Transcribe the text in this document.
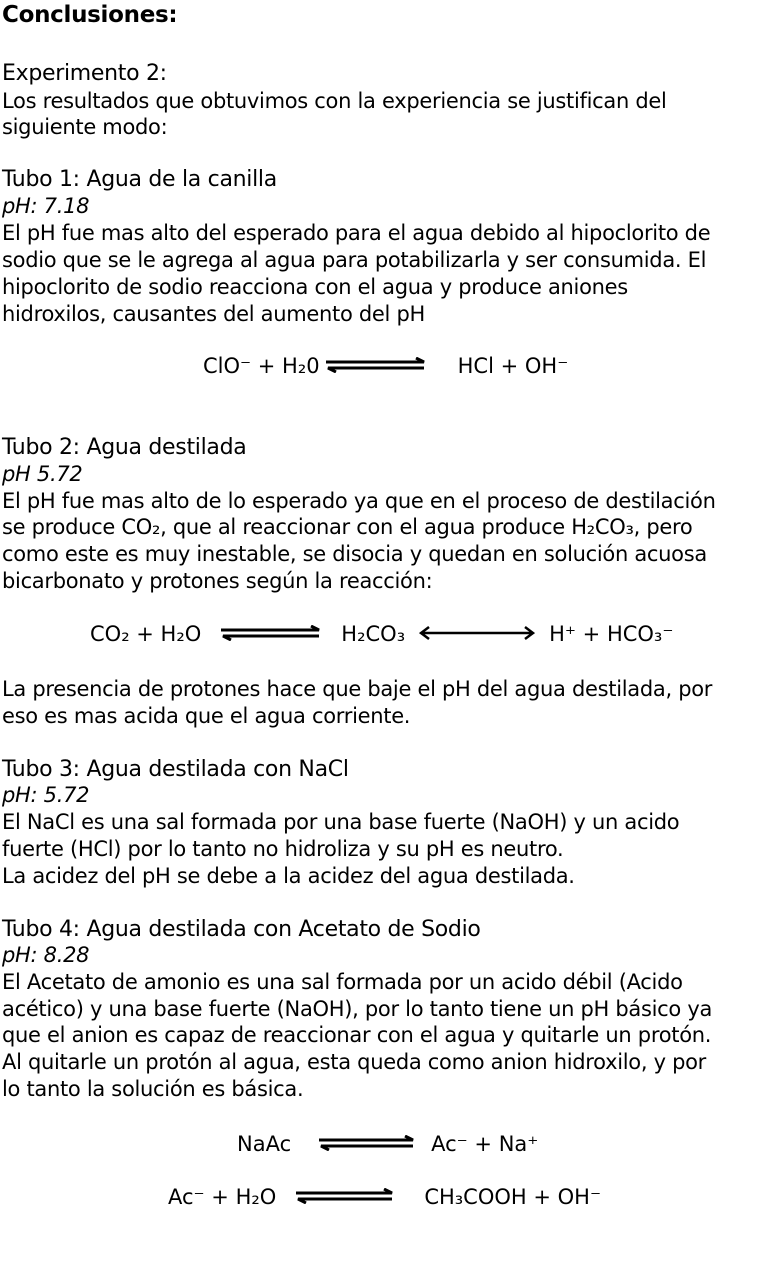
Conclusiones:
Experimento 2:
Los resultados que obtuvimos con la experiencia se justifican del
siguiente modo:
Tubo 1: Agua de la canilla
pH: 7.18
El pH fue mas alto del esperado para el agua debido al hipoclorito de
sodio que se le agrega al agua para potabilizarla y ser consumida. El
hipoclorito de sodio reacciona con el agua y produce aniones
hidroxilos, causantes del aumento del pH
ClO⁻ + H₂0	HCl + OH⁻
Tubo 2: Agua destilada
pH 5.72
El pH fue mas alto de lo esperado ya que en el proceso de destilación
se produce CO₂, que al reaccionar con el agua produce H₂CO₃, pero
como este es muy inestable, se disocia y quedan en solución acuosa
bicarbonato y protones según la reacción:
CO₂ + H₂O	H₂CO₃	H⁺ + HCO₃⁻
La presencia de protones hace que baje el pH del agua destilada, por
eso es mas acida que el agua corriente.
Tubo 3: Agua destilada con NaCl
pH: 5.72
El NaCl es una sal formada por una base fuerte (NaOH) y un acido
fuerte (HCl) por lo tanto no hidroliza y su pH es neutro.
La acidez del pH se debe a la acidez del agua destilada.
Tubo 4: Agua destilada con Acetato de Sodio
pH: 8.28
El Acetato de amonio es una sal formada por un acido débil (Acido
acético) y una base fuerte (NaOH), por lo tanto tiene un pH básico ya
que el anion es capaz de reaccionar con el agua y quitarle un protón.
Al quitarle un protón al agua, esta queda como anion hidroxilo, y por
lo tanto la solución es básica.
NaAc	Ac⁻ + Na⁺
Ac⁻ + H₂O	CH₃COOH + OH⁻
